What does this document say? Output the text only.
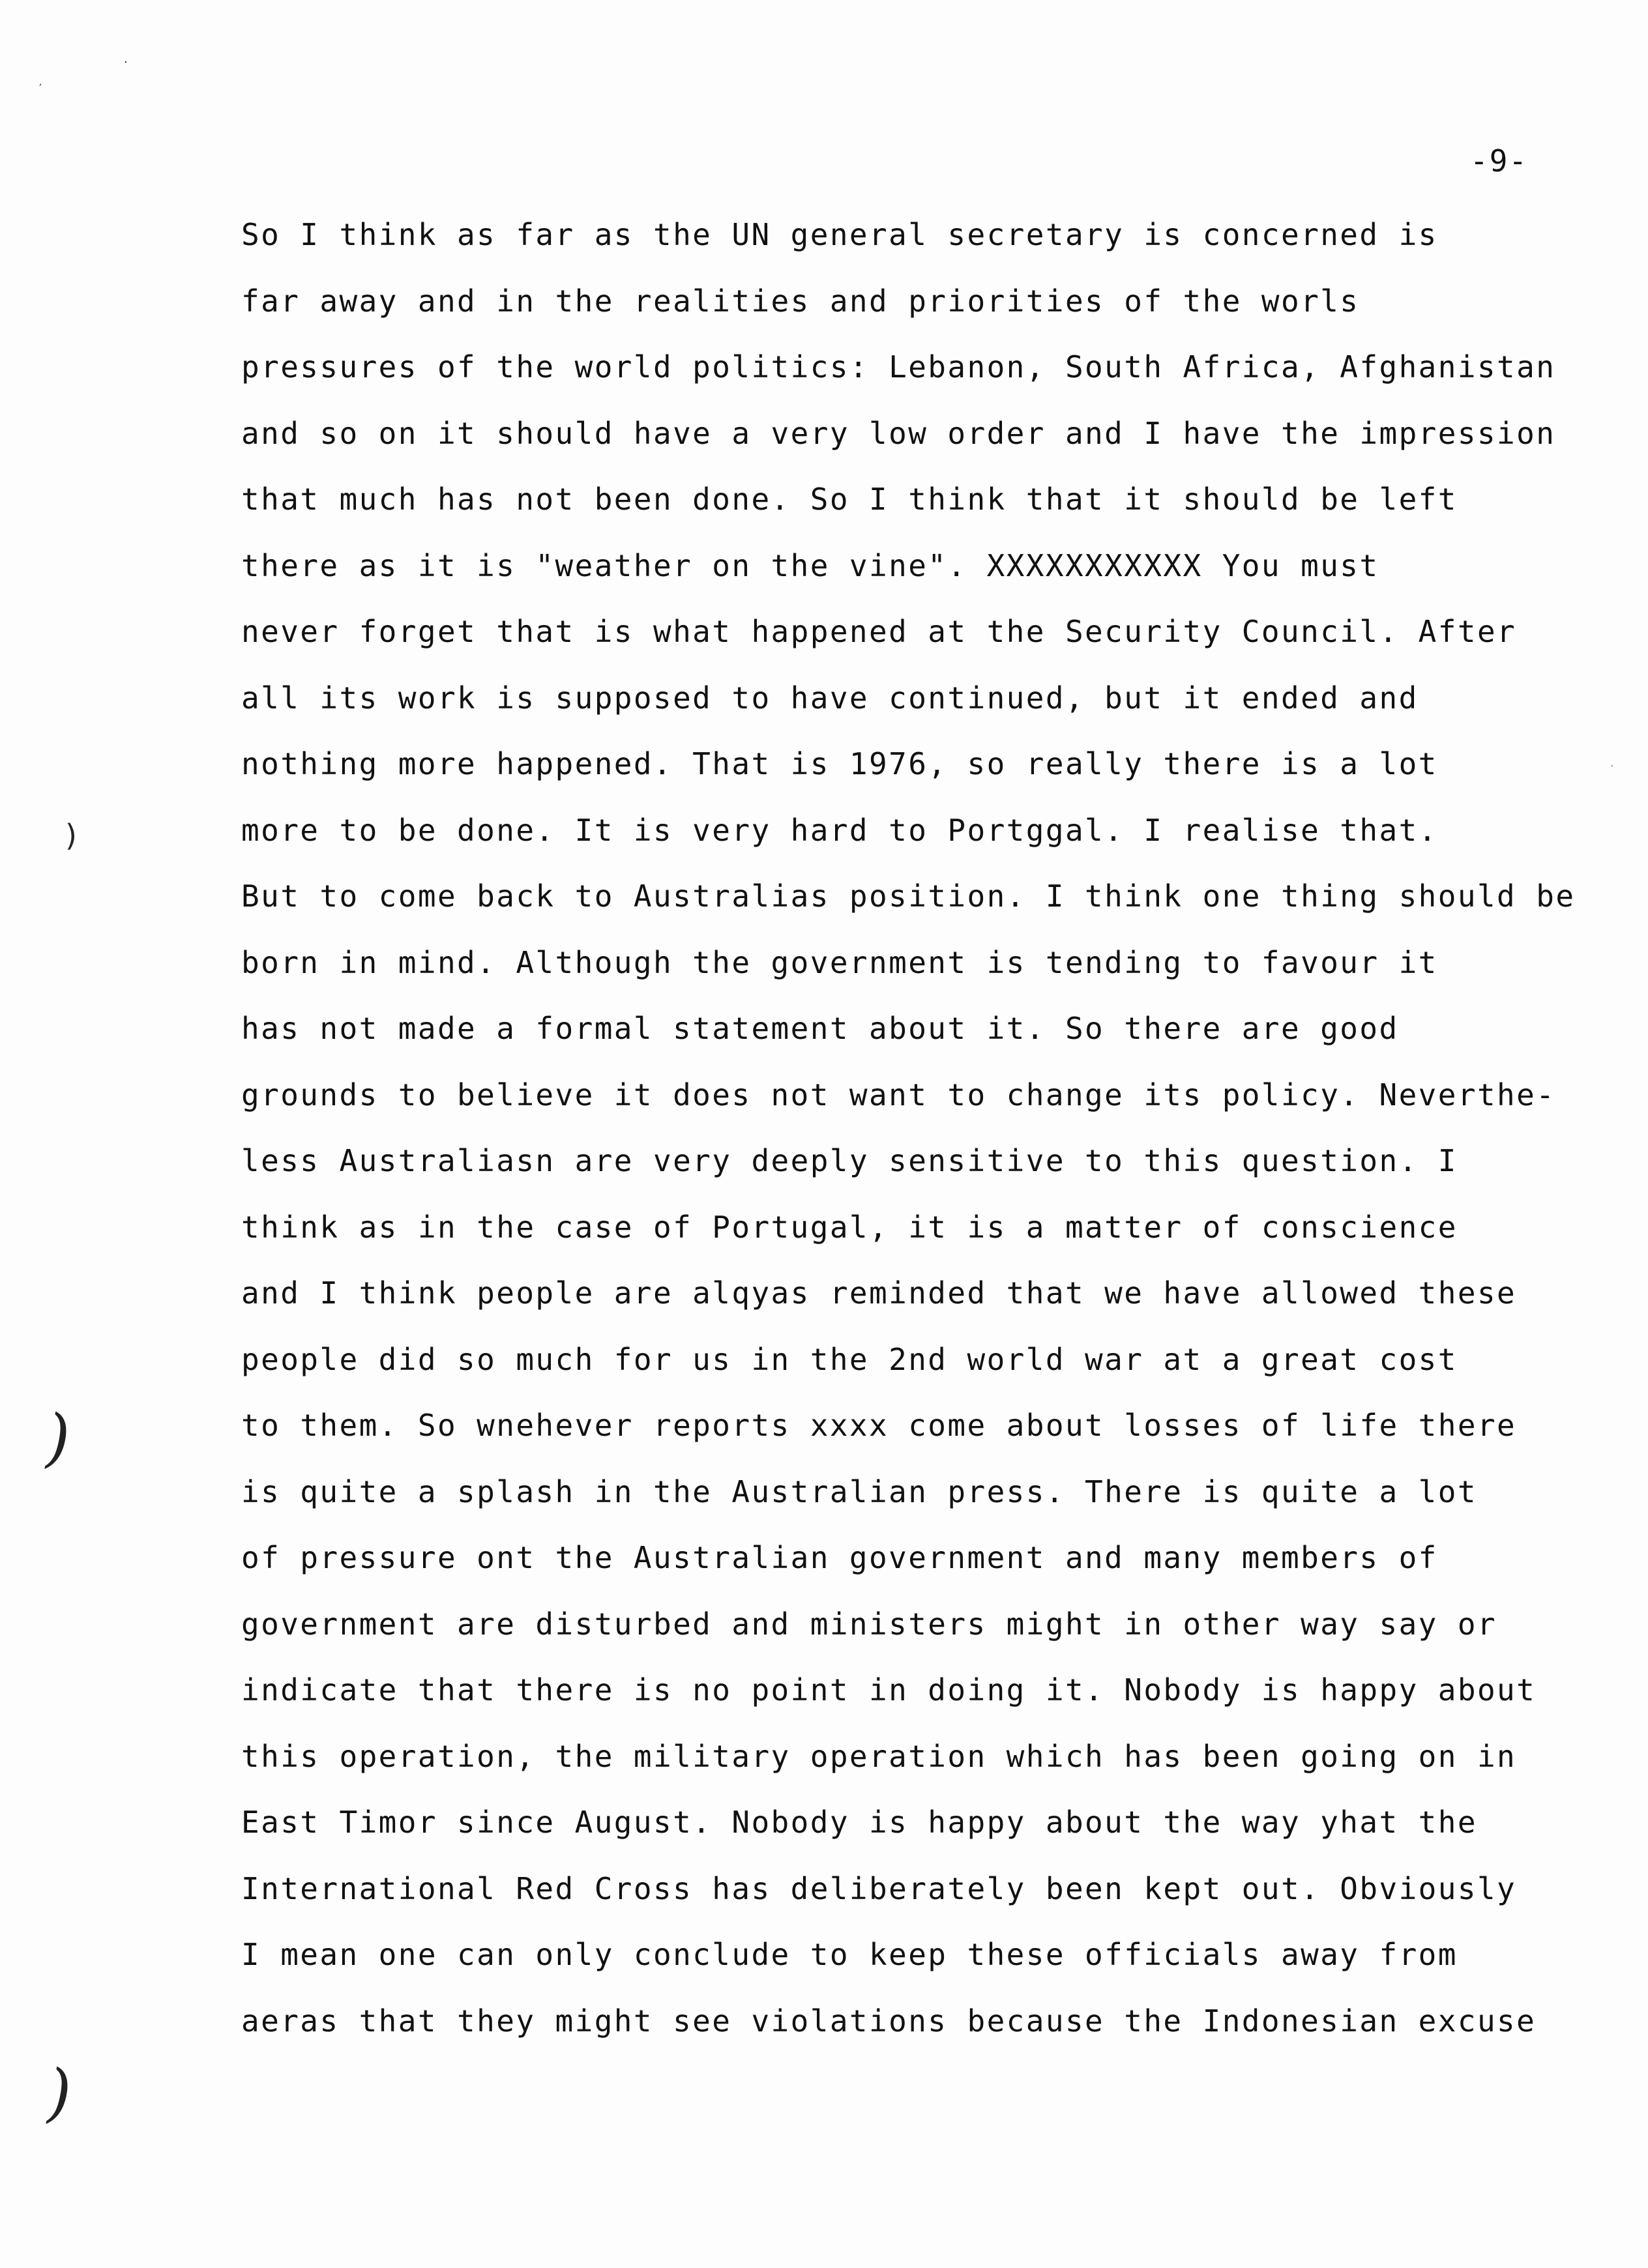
-9-
So I think as far as the UN general secretary is concerned is
far away and in the realities and priorities of the worls
pressures of the world politics: Lebanon, South Africa, Afghanistan
and so on it should have a very low order and I have the impression
that much has not been done. So I think that it should be left
there as it is "weather on the vine". XXXXXXXXXXX You must
never forget that is what happened at the Security Council. After
all its work is supposed to have continued, but it ended and
nothing more happened. That is 1976, so really there is a lot
more to be done. It is very hard to Portggal. I realise that.
But to come back to Australias position. I think one thing should be
born in mind. Although the government is tending to favour it
has not made a formal statement about it. So there are good
grounds to believe it does not want to change its policy. Neverthe-
less Australiasn are very deeply sensitive to this question. I
think as in the case of Portugal, it is a matter of conscience
and I think people are alqyas reminded that we have allowed these
people did so much for us in the 2nd world war at a great cost
to them. So wnehever reports xxxx come about losses of life there
is quite a splash in the Australian press. There is quite a lot
of pressure ont the Australian government and many members of
government are disturbed and ministers might in other way say or
indicate that there is no point in doing it. Nobody is happy about
this operation, the military operation which has been going on in
East Timor since August. Nobody is happy about the way yhat the
International Red Cross has deliberately been kept out. Obviously
I mean one can only conclude to keep these officials away from
aeras that they might see violations because the Indonesian excuse
.
,
)
)
)
.
